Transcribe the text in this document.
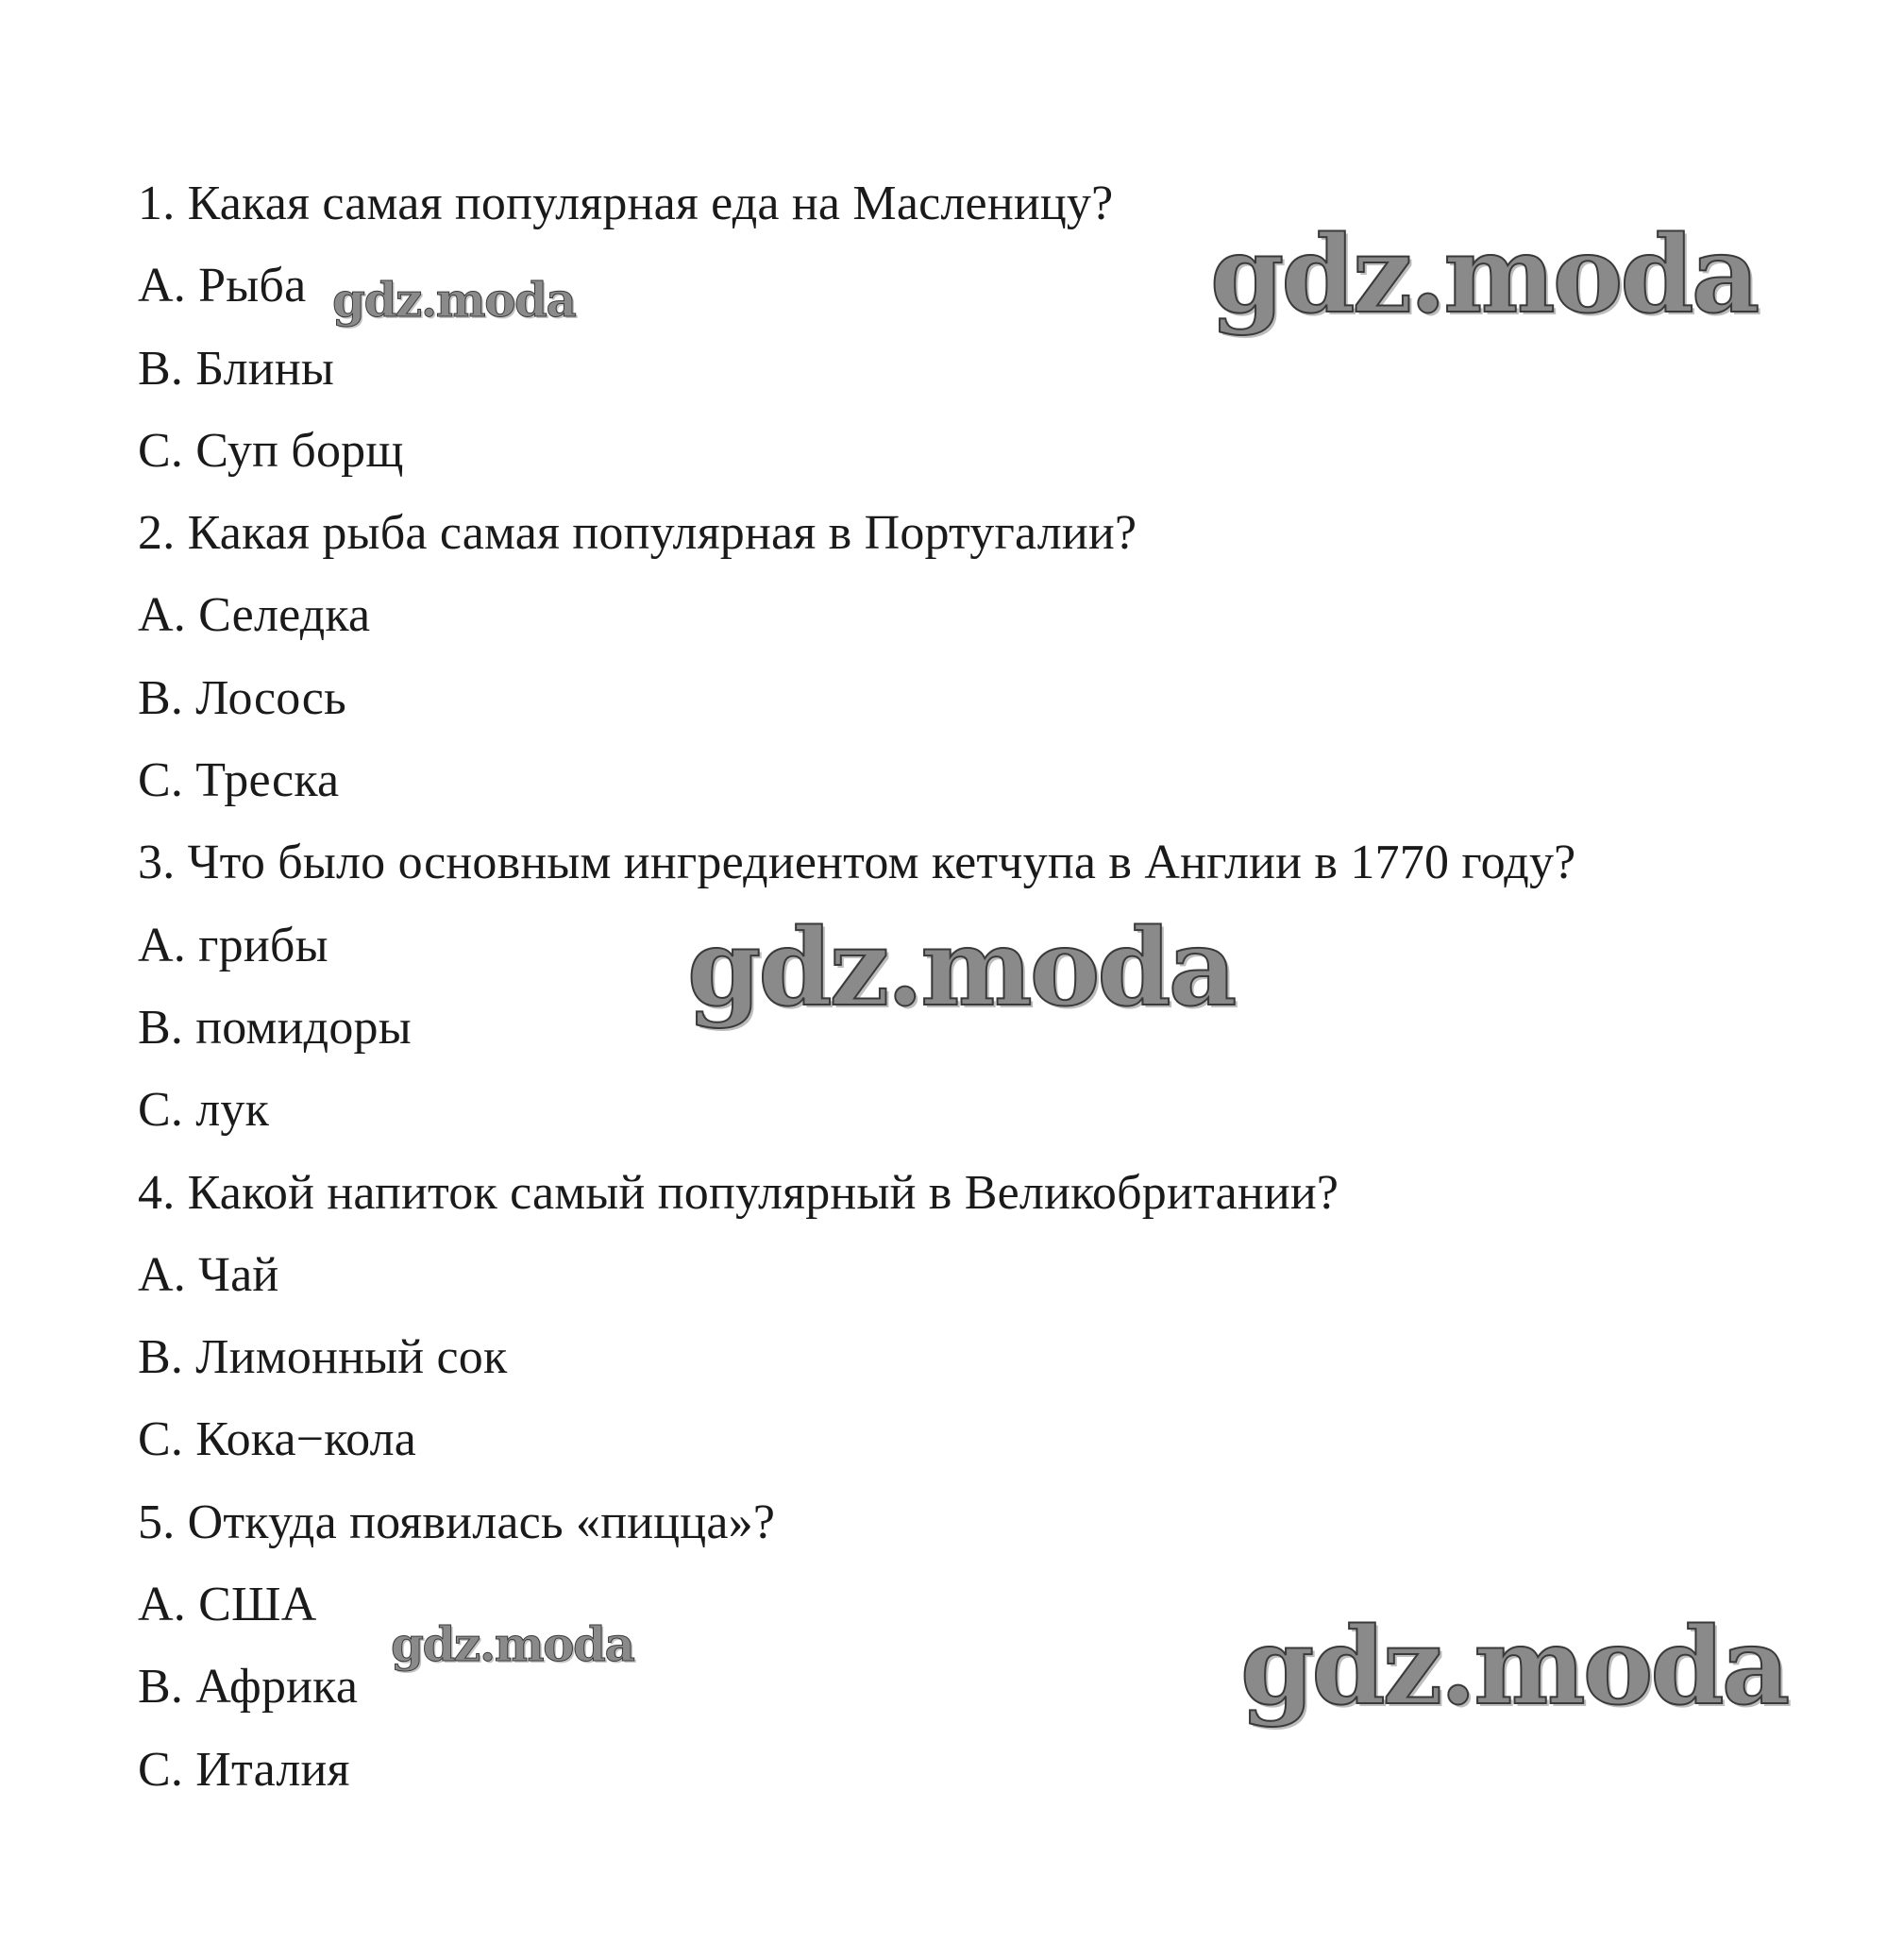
1. Какая самая популярная еда на Масленицу?
A. Рыба
B. Блины
C. Суп борщ
2. Какая рыба самая популярная в Португалии?
A. Селедка
B. Лосось
C. Треска
3. Что было основным ингредиентом кетчупа в Англии в 1770 году?
A. грибы
B. помидоры
C. лук
4. Какой напиток самый популярный в Великобритании?
A. Чай
B. Лимонный сок
C. Кока−кола
5. Откуда появилась «пицца»?
A. США
B. Африка
C. Италия
gdz.moda
gdz.moda
gdz.moda
gdz.moda
gdz.moda
